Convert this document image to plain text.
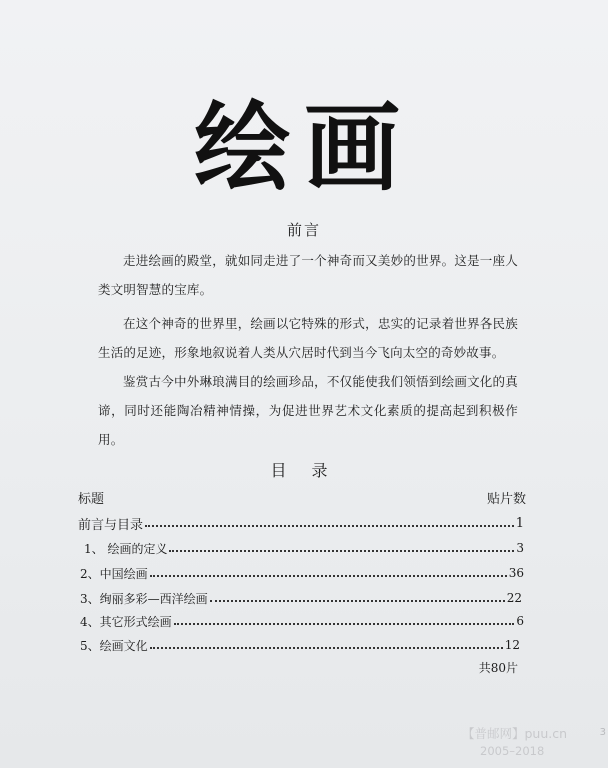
绘画
前言

走进绘画的殿堂，就如同走进了一个神奇而又美妙的世界。这是一座人类文明智慧的宝库。

在这个神奇的世界里，绘画以它特殊的形式，忠实的记录着世界各民族生活的足迹，形象地叙说着人类从穴居时代到当今飞向太空的奇妙故事。

鉴赏古今中外琳琅满目的绘画珍品，不仅能使我们领悟到绘画文化的真谛，同时还能陶冶精神情操，为促进世界艺术文化素质的提高起到积极作用。

目 录
标题	贴片数
前言与目录	1
1、 绘画的定义	3
2、中国绘画	36
3、绚丽多彩—西洋绘画	22
4、其它形式绘画	6
5、绘画文化	12
共80片
【普邮网】puu.cn
2005–2018
3
